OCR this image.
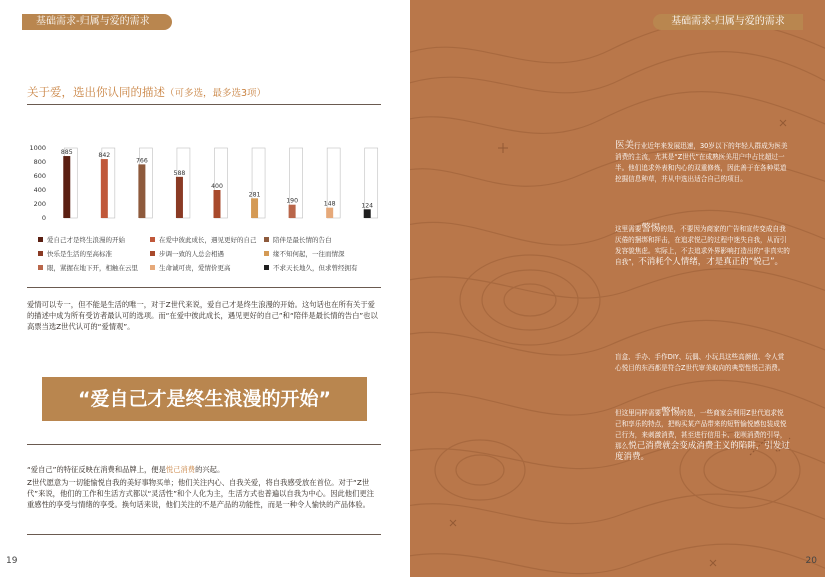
基础需求-归属与爱的需求
关于爱，选出你认同的描述（可多选，最多选3项）
0
200
400
600
800
1000
885	842
766
588
400
281
190	148	124
爱自己才是终生浪漫的开始	在爱中彼此成长，遇见更好的自己	陪伴是最长情的告白
快乐是生活的至高标准	步调一致的人总会相遇	缘不知何起，一往而情深
眼，紧握在地下开，相触在云里	生命诚可贵，爱情价更高	不求天长地久，但求曾经拥有
爱情可以专一，但不能是生活的唯一，对于Z世代来说，爱自己才是终生浪漫的开始。这句话也在所有关于爱的描述中成为所有受访者最认可的选项。而“在爱中彼此成长，遇见更好的自己”和“陪伴是最长情的告白”也以高票当选Z世代认可的“爱情观”。
“爱自己才是终生浪漫的开始”
“爱自己”的特征反映在消费和品牌上，便是悦己消费的兴起。
Z世代愿意为一切能愉悦自我的美好事物买单；他们关注内心、自我关爱，将自我感受放在首位。对于“Z世代”来说，他们的工作和生活方式都以“灵活性”和个人化为主，生活方式也普遍以自我为中心。因此他们更注重感性的享受与情绪的享受。换句话来说，他们关注的不是产品的功能性，而是一种令人愉快的产品体验。
19
基础需求-归属与爱的需求
医美行业近年来发展迅速，30岁以下的年轻人群成为医美消费的主流，尤其是“Z世代”在成熟医美用户中占比超过一半。他们追求外表和内心的双重修炼，因此善于在各种渠道挖掘信息种草，并从中选出适合自己的项目。
这里需要警惕的是，不要因为商家的广告和宣传变成自我厌倦的捆绑和抨击，在追求悦己的过程中迷失自我，从而引发容貌焦虑。实际上，不去追求外界影响打造出的“非真实的自我”，不消耗个人情绪，才是真正的“悦己”。
盲盒、手办、手作DIY、玩偶、小玩具这些高颜值、令人赏心悦目的东西都是符合Z世代审美取向的典型性悦己消费。
但这里同样需要警惕的是，一些商家会利用Z世代追求悦己和享乐的特点，把购买某产品带来的短暂愉悦感包装成悦己行为，来刺激消费，甚至进行信用卡、花呗消费的引导，那么悦己消费就会变成消费主义的陷阱，引发过度消费。
20
